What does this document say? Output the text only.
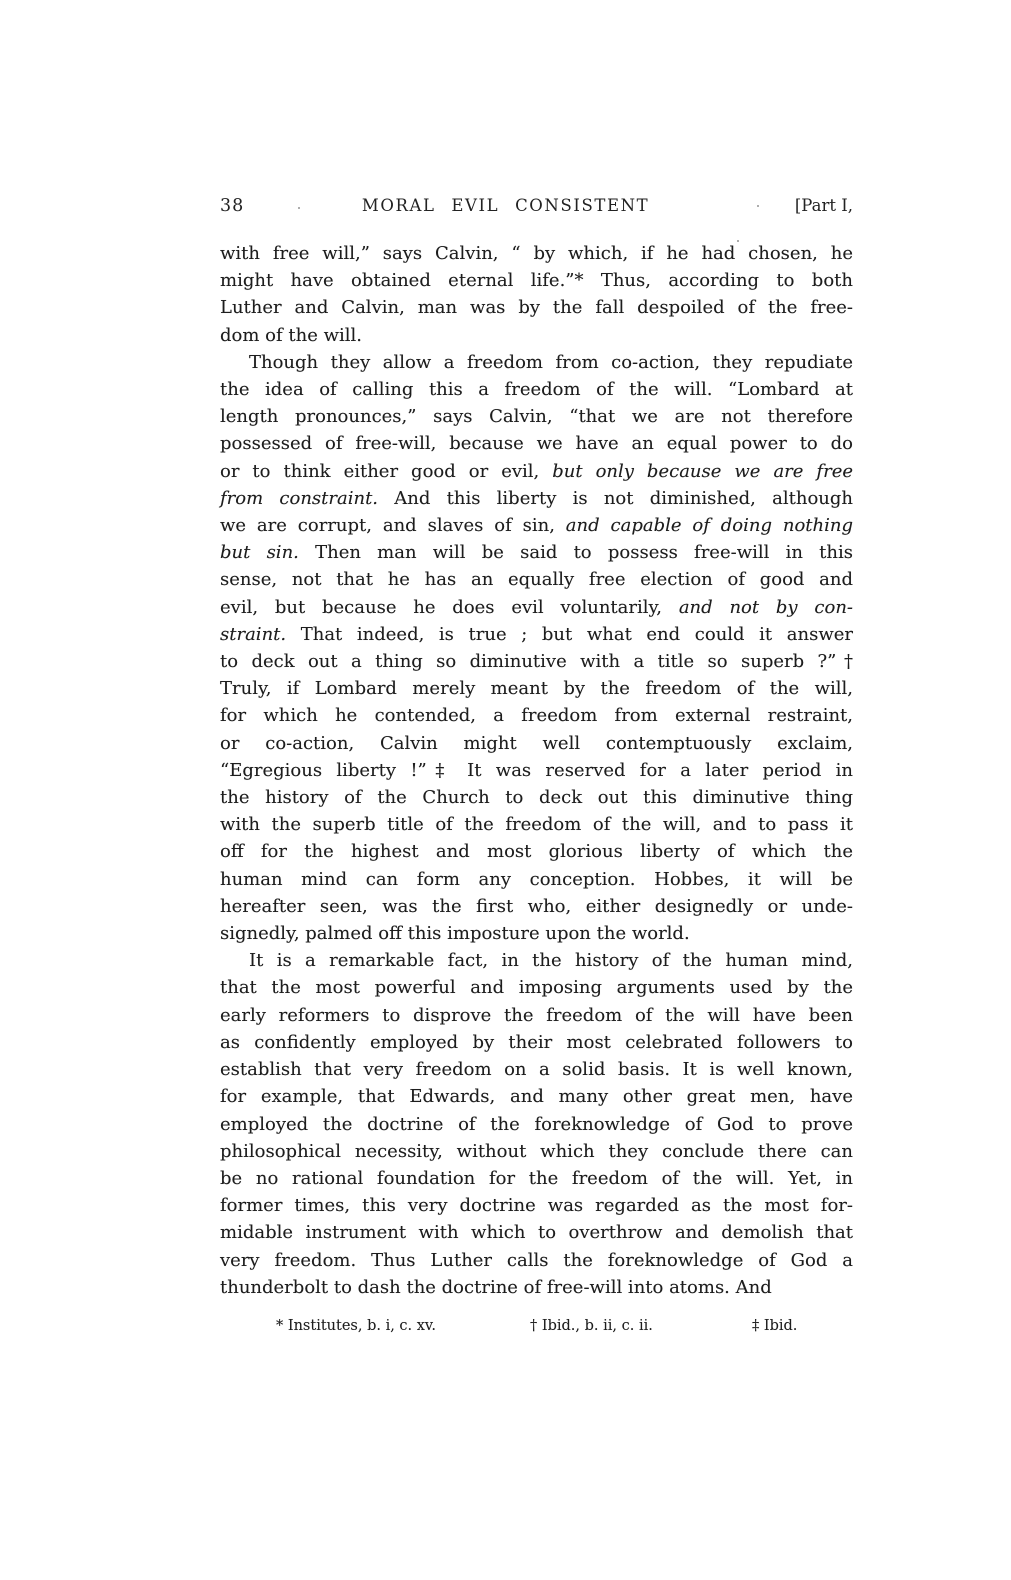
38	MORAL EVIL CONSISTENT	[Part I,
with free will,” says Calvin, “ by which, if he had chosen, he
might have obtained eternal life.”* Thus, according to both
Luther and Calvin, man was by the fall despoiled of the free-
dom of the will.
Though they allow a freedom from co-action, they repudiate
the idea of calling this a freedom of the will. “Lombard at
length pronounces,” says Calvin, “that we are not therefore
possessed of free-will, because we have an equal power to do
or to think either good or evil, but only because we are free
from constraint. And this liberty is not diminished, although
we are corrupt, and slaves of sin, and capable of doing nothing
but sin. Then man will be said to possess free-will in this
sense, not that he has an equally free election of good and
evil, but because he does evil voluntarily, and not by con-
straint. That indeed, is true ; but what end could it answer
to deck out a thing so diminutive with a title so superb ?”†
Truly, if Lombard merely meant by the freedom of the will,
for which he contended, a freedom from external restraint,
or co-action, Calvin might well contemptuously exclaim,
“Egregious liberty !”‡ It was reserved for a later period in
the history of the Church to deck out this diminutive thing
with the superb title of the freedom of the will, and to pass it
off for the highest and most glorious liberty of which the
human mind can form any conception. Hobbes, it will be
hereafter seen, was the first who, either designedly or unde-
signedly, palmed off this imposture upon the world.
It is a remarkable fact, in the history of the human mind,
that the most powerful and imposing arguments used by the
early reformers to disprove the freedom of the will have been
as confidently employed by their most celebrated followers to
establish that very freedom on a solid basis. It is well known,
for example, that Edwards, and many other great men, have
employed the doctrine of the foreknowledge of God to prove
philosophical necessity, without which they conclude there can
be no rational foundation for the freedom of the will. Yet, in
former times, this very doctrine was regarded as the most for-
midable instrument with which to overthrow and demolish that
very freedom. Thus Luther calls the foreknowledge of God a
thunderbolt to dash the doctrine of free-will into atoms. And
* Institutes, b. i, c. xv.	† Ibid., b. ii, c. ii.	‡ Ibid.
